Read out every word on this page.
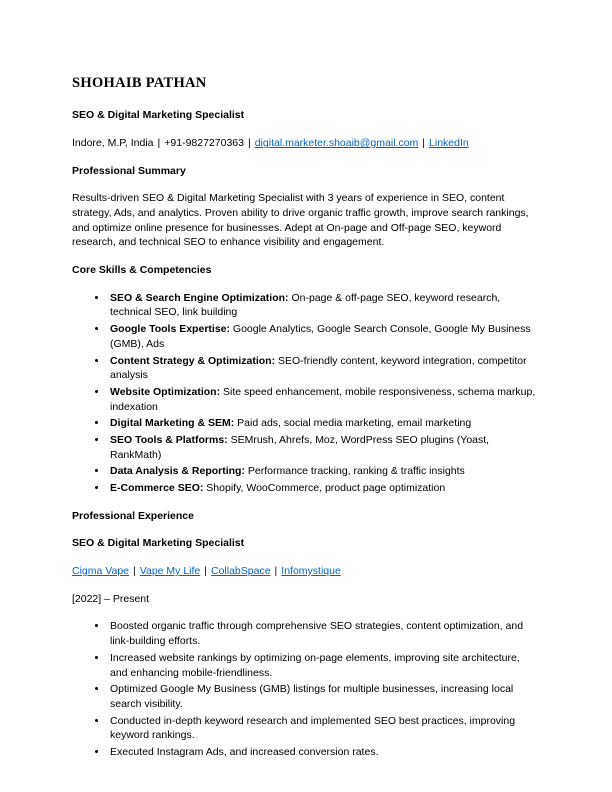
SHOHAIB PATHAN

SEO & Digital Marketing Specialist

Indore, M.P, India | +91-9827270363 | digital.marketer.shoaib@gmail.com | LinkedIn

Professional Summary

Results-driven SEO & Digital Marketing Specialist with 3 years of experience in SEO, content strategy, Ads, and analytics. Proven ability to drive organic traffic growth, improve search rankings, and optimize online presence for businesses. Adept at On-page and Off-page SEO, keyword research, and technical SEO to enhance visibility and engagement.

Core Skills & Competencies

• SEO & Search Engine Optimization: On-page & off-page SEO, keyword research, technical SEO, link building
• Google Tools Expertise: Google Analytics, Google Search Console, Google My Business (GMB), Ads
• Content Strategy & Optimization: SEO-friendly content, keyword integration, competitor analysis
• Website Optimization: Site speed enhancement, mobile responsiveness, schema markup, indexation
• Digital Marketing & SEM: Paid ads, social media marketing, email marketing
• SEO Tools & Platforms: SEMrush, Ahrefs, Moz, WordPress SEO plugins (Yoast, RankMath)
• Data Analysis & Reporting: Performance tracking, ranking & traffic insights
• E-Commerce SEO: Shopify, WooCommerce, product page optimization

Professional Experience

SEO & Digital Marketing Specialist

Cigma Vape | Vape My Life | CollabSpace | Infomystique

[2022] – Present

• Boosted organic traffic through comprehensive SEO strategies, content optimization, and link-building efforts.
• Increased website rankings by optimizing on-page elements, improving site architecture, and enhancing mobile-friendliness.
• Optimized Google My Business (GMB) listings for multiple businesses, increasing local search visibility.
• Conducted in-depth keyword research and implemented SEO best practices, improving keyword rankings.
• Executed Instagram Ads, and increased conversion rates.
